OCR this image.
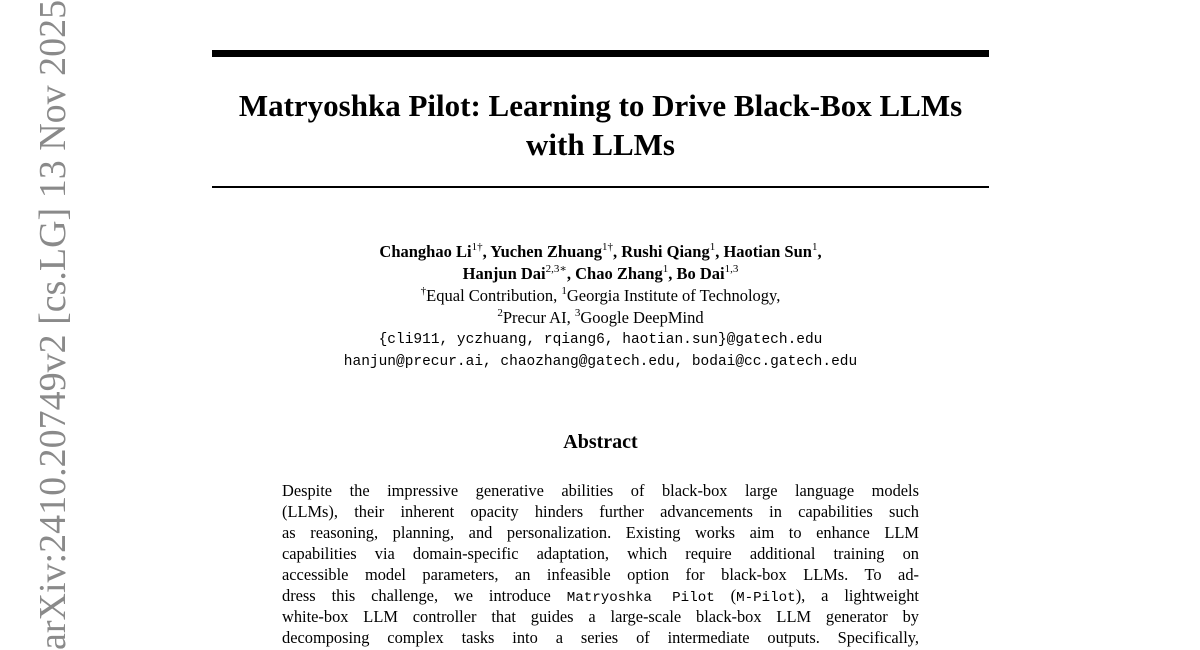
Matryoshka Pilot: Learning to Drive Black-Box LLMs
with LLMs
Changhao $Li^{1\dagger}$, Yuchen Zhuang$^{1\dagger}$, Rushi Qiang$^1$, Haotian Sun$^1$,
Hanjun Dai$^{2,3∗}$, Chao Zhang$^1$, Bo Dai$^{1,3}$
†Equal Contribution, $^1$Georgia Institute of Technology,
$^2$Precur AI, $^3$Google DeepMind
{cli911, yczhuang, rqiang6, haotian.sun}@gatech.edu
hanjun@precur.ai, chaozhang@gatech.edu, bodai@cc.gatech.edu
Abstract
Despite the impressive generative abilities of black-box large language models
(LLMs), their inherent opacity hinders further advancements in capabilities such
as reasoning, planning, and personalization. Existing works aim to enhance LLM
capabilities via domain-specific adaptation, which require additional training on
accessible model parameters, an infeasible option for black-box LLMs. To ad-
dress this challenge, we introduce Matryoshka Pilot (M-Pilot), a lightweight
white-box LLM controller that guides a large-scale black-box LLM generator by
decomposing complex tasks into a series of intermediate outputs. Specifically,
arXiv:2410.20749v2 [cs.LG] 13 Nov 2025
